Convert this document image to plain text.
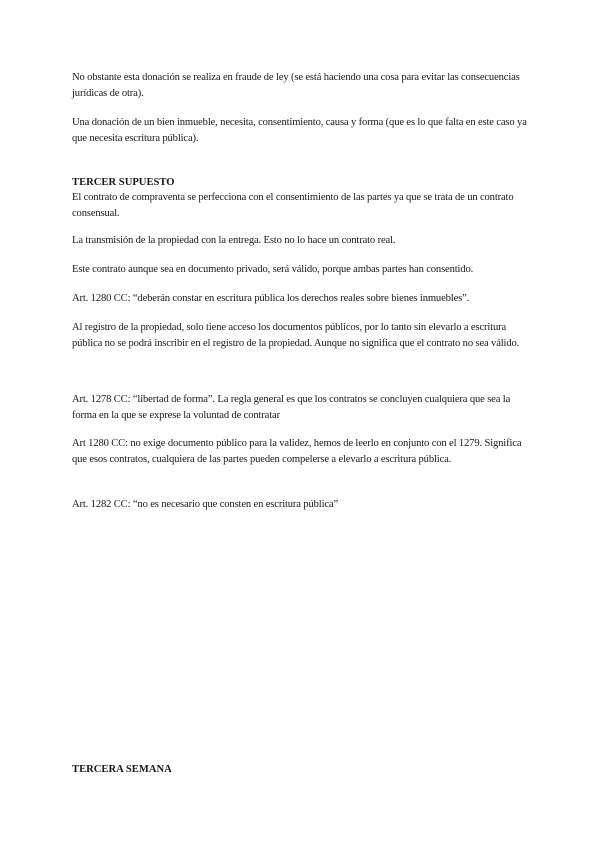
No obstante esta donación se realiza en fraude de ley (se está haciendo una cosa para evitar las consecuencias jurídicas de otra).

Una donación de un bien inmueble, necesita, consentimiento, causa y forma (que es lo que falta en este caso ya que necesita escritura pública).

TERCER SUPUESTO

El contrato de compraventa se perfecciona con el consentimiento de las partes ya que se trata de un contrato consensual.

La transmisión de la propiedad con la entrega. Esto no lo hace un contrato real.

Este contrato aunque sea en documento privado, será válido, porque ambas partes han consentido.

Art. 1280 CC: “deberán constar en escritura pública los derechos reales sobre bienes inmuebles”.

Al registro de la propiedad, solo tiene acceso los documentos públicos, por lo tanto sin elevarlo a escritura pública no se podrá inscribir en el registro de la propiedad. Aunque no significa que el contrato no sea válido.

Art. 1278 CC: “libertad de forma”. La regla general es que los contratos se concluyen cualquiera que sea la forma en la que se exprese la voluntad de contratar

Art 1280 CC: no exige documento público para la validez, hemos de leerlo en conjunto con el 1279. Significa que esos contratos, cualquiera de las partes pueden compelerse a elevarlo a escritura pública.

Art. 1282 CC: “no es necesario que consten en escritura pública”

TERCERA SEMANA
